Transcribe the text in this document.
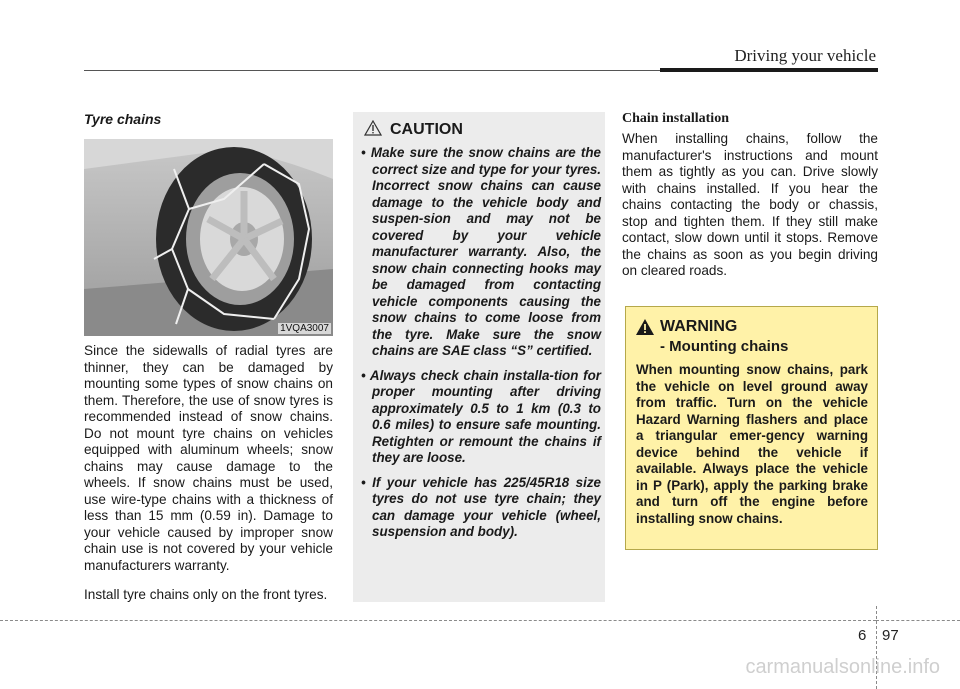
Driving your vehicle
Tyre chains
1VQA3007

Since the sidewalls of radial tyres are thinner, they can be damaged by mounting some types of snow chains on them. Therefore, the use of snow tyres is recommended instead of snow chains. Do not mount tyre chains on vehicles equipped with aluminum wheels; snow chains may cause damage to the wheels. If snow chains must be used, use wire-type chains with a thickness of less than 15 mm (0.59 in). Damage to your vehicle caused by improper snow chain use is not covered by your vehicle manufacturers warranty.

Install tyre chains only on the front tyres.

CAUTION
• Make sure the snow chains are the correct size and type for your tyres. Incorrect snow chains can cause damage to the vehicle body and suspen-sion and may not be covered by your vehicle manufacturer warranty. Also, the snow chain connecting hooks may be damaged from contacting vehicle components causing the snow chains to come loose from the tyre. Make sure the snow chains are SAE class “S” certified.
• Always check chain installa-tion for proper mounting after driving approximately 0.5 to 1 km (0.3 to 0.6 miles) to ensure safe mounting. Retighten or remount the chains if they are loose.
• If your vehicle has 225/45R18 size tyres do not use tyre chain; they can damage your vehicle (wheel, suspension and body).
Chain installation

When installing chains, follow the manufacturer's instructions and mount them as tightly as you can. Drive slowly with chains installed. If you hear the chains contacting the body or chassis, stop and tighten them. If they still make contact, slow down until it stops. Remove the chains as soon as you begin driving on cleared roads.

WARNING
- Mounting chains

When mounting snow chains, park the vehicle on level ground away from traffic. Turn on the vehicle Hazard Warning flashers and place a triangular emer-gency warning device behind the vehicle if available. Always place the vehicle in P (Park), apply the parking brake and turn off the engine before installing snow chains.

6 97
carmanualsonline.info
